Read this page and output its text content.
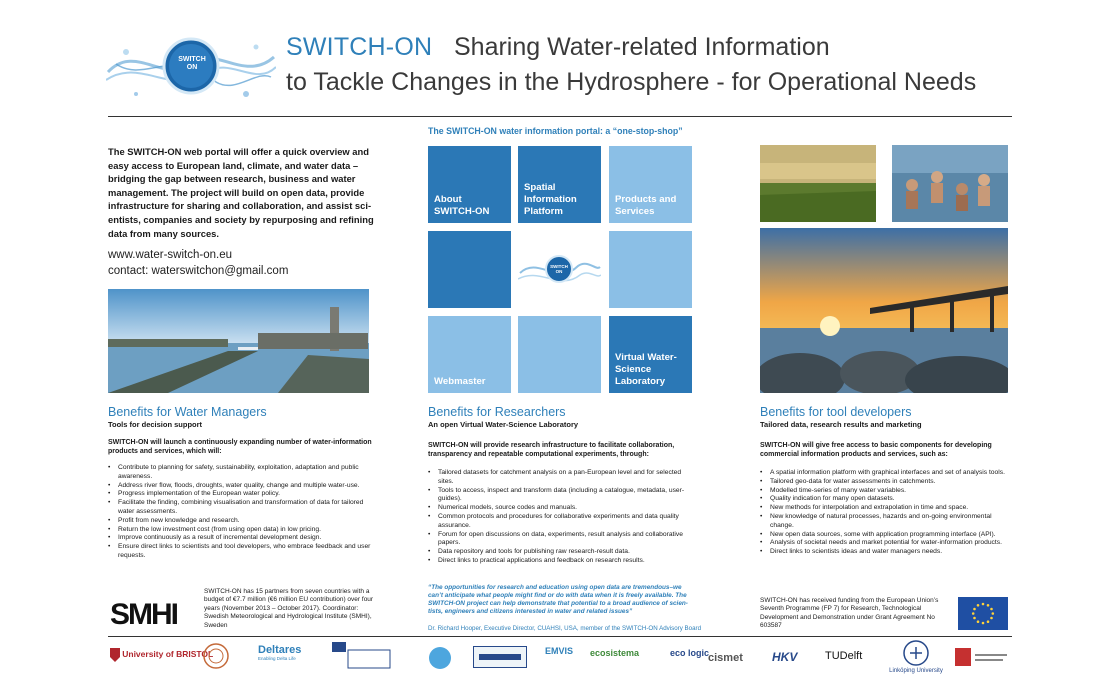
SWITCH ON
SWITCH-ON Sharing Water-related Information
to Tackle Changes in the Hydrosphere - for Operational Needs
The SWITCH-ON web portal will offer a quick overview and easy access to European land, climate, and water data – bridging the gap between research, business and water management. The project will build on open data, provide infrastructure for sharing and collaboration, and assist sci-entists, companies and society by repurposing and refining data from many sources.
www.water-switch-on.eu
contact: waterswitchon@gmail.com
Benefits for Water Managers
Tools for decision support
SWITCH-ON will launch a continuously expanding number of water-information products and services, which will:
• Contribute to planning for safety, sustainability, exploitation, adaptation and public awareness.
• Address river flow, floods, droughts, water quality, change and multiple water-use.
• Progress implementation of the European water policy.
• Facilitate the finding, combining visualisation and transformation of data for tailored water assessments.
• Profit from new knowledge and research.
• Return the low investment cost (from using open data) in low pricing.
• Improve continuously as a result of incremental development design.
• Ensure direct links to scientists and tool developers, who embrace feedback and user requests.
SMHI
SWITCH-ON has 15 partners from seven countries with a budget of €7.7 million (€6 million EU contribution) over four years (November 2013 – October 2017). Coordinator: Swedish Meteorological and Hydrological Institute (SMHI), Sweden
The SWITCH-ON water information portal: a “one-stop-shop”
About
SWITCH-ON
Spatial
Information
Platform
Products and
Services
SWITCH ON
Webmaster
Virtual Water-
Science
Laboratory
Benefits for Researchers
An open Virtual Water-Science Laboratory
SWITCH-ON will provide research infrastructure to facilitate collaboration, transparency and repeatable computational experiments, through:
• Tailored datasets for catchment analysis on a pan-European level and for selected sites.
• Tools to access, inspect and transform data (including a catalogue, metadata, user-guides).
• Numerical models, source codes and manuals.
• Common protocols and procedures for collaborative experiments and data quality assurance.
• Forum for open discussions on data, experiments, result analysis and collaborative papers.
• Data repository and tools for publishing raw research-result data.
• Direct links to practical applications and feedback on research results.
“The opportunities for research and education using open data are tremendous–we can’t anticipate what people might find or do with data when it is freely available. The SWITCH-ON project can help demonstrate that potential to a broad audience of scien-tists, engineers and citizens interested in water and related issues”
Dr. Richard Hooper, Executive Director, CUAHSI, USA, member of the SWITCH-ON Advisory Board
Benefits for tool developers
Tailored data, research results and marketing
SWITCH-ON will give free access to basic components for developing commercial information products and services, such as:
• A spatial information platform with graphical interfaces and set of analysis tools.
• Tailored geo-data for water assessments in catchments.
• Modelled time-series of many water variables.
• Quality indication for many open datasets.
• New methods for interpolation and extrapolation in time and space.
• New knowledge of natural processes, hazards and on-going environmental change.
• New open data sources, some with application programming interface (API).
• Analysis of societal needs and market potential for water-information products.
• Direct links to scientists ideas and water managers needs.
SWITCH-ON has received funding from the European Union’s Seventh Programme (FP 7) for Research, Technological Development and Demonstration under Grant Agreement No 603587
University of BRISTOL	Deltares
Enabling Delta Life
EMVIS ecosistema	eco logic
cismet HKV	TUDelft
Linköping University
